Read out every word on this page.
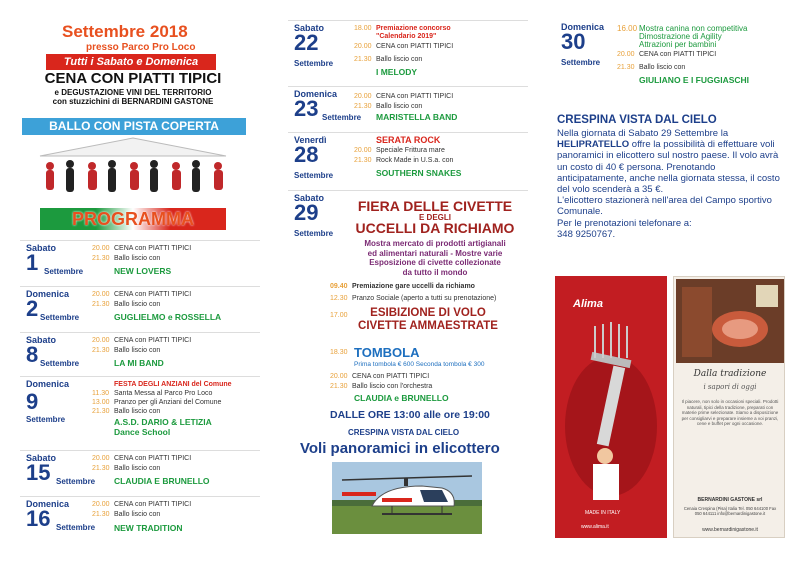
Settembre 2018
presso Parco Pro Loco
Tutti i Sabato e Domenica
CENA CON PIATTI TIPICI
e DEGUSTAZIONE VINI DEL TERRITORIO
con stuzzichini di BERNARDINI GASTONE
BALLO CON PISTA COPERTA
PROGRAMMA
Sabato
1 Settembre
20.00 CENA con PIATTI TIPICI
21.30 Ballo liscio con
NEW LOVERS
Domenica
2 Settembre
20.00 CENA con PIATTI TIPICI
21.30 Ballo liscio con
GUGLIELMO e ROSSELLA
Sabato
8 Settembre
20.00 CENA con PIATTI TIPICI
21.30 Ballo liscio con
LA MI BAND
Domenica
9
Settembre
FESTA DEGLI ANZIANI del Comune
11.30 Santa Messa al Parco Pro Loco
13.00 Pranzo per gli Anziani del Comune
21.30 Ballo liscio con
A.S.D. DARIO & LETIZIA
Dance School
Sabato
15 Settembre
20.00 CENA con PIATTI TIPICI
21.30 Ballo liscio con
CLAUDIA E BRUNELLO
Domenica
16 Settembre
20.00 CENA con PIATTI TIPICI
21.30 Ballo liscio con
NEW TRADITION
Sabato
22
Settembre
18.00 Premiazione concorso
"Calendario 2019"
20.00 CENA con PIATTI TIPICI
21.30 Ballo liscio con
I MELODY
Domenica
23 Settembre
20.00 CENA con PIATTI TIPICI
21.30 Ballo liscio con
MARISTELLA BAND
Venerdì
28
Settembre
SERATA ROCK
20.00 Speciale Frittura mare
21.30 Rock Made in U.S.a. con
SOUTHERN SNAKES
Sabato
29
Settembre
FIERA DELLE CIVETTE
E DEGLI
UCCELLI DA RICHIAMO
Mostra mercato di prodotti artigianali
ed alimentari naturali - Mostre varie
Esposizione di civette collezionate
da tutto il mondo
09.40 Premiazione gare uccelli da richiamo
12.30 Pranzo Sociale (aperto a tutti su prenotazione)
17.00	ESIBIZIONE DI VOLO
CIVETTE AMMAESTRATE
18.30 TOMBOLA
Prima tombola € 600 Seconda tombola € 300
20.00 CENA con PIATTI TIPICI
21.30 Ballo liscio con l'orchestra
CLAUDIA e BRUNELLO
DALLE ORE 13:00 alle ore 19:00
CRESPINA VISTA DAL CIELO
Voli panoramici in elicottero
Domenica
30
Settembre
16.00 Mostra canina non competitiva
Dimostrazione di Agility
Attrazioni per bambini
20.00 CENA con PIATTI TIPICI
21.30 Ballo liscio con
GIULIANO E I FUGGIASCHI
CRESPINA VISTA DAL CIELO
Nella giornata di Sabato 29 Settembre la HELIPRATELLO offre la possibilità di effettuare voli panoramici in elicottero sul nostro paese. Il volo avrà un costo di 40 € persona. Prenotando anticipatamente, anche nella giornata stessa, il costo del volo scenderà a 35 €.
L'elicottero stazionerà nell'area del Campo sportivo Comunale.
Per le prenotazioni telefonare a:
348 9250767.
Alima
MADE IN ITALY
www.alima.it
Dalla tradizione
i sapori di oggi
Il piacere, non solo in occasioni speciali. Prodotti naturali, tipici della tradizione, preparati con materie prime selezionate. Siamo a disposizione per consigliarvi e preparare insieme a voi pranzi, cene e buffet per ogni occasione.
BERNARDINI GASTONE srl
Cenaia Crespina (Pisa) Italia Tel. 050 644100 Fax 050 644111 info@bernardinigastone.it
www.bernardinigastone.it
